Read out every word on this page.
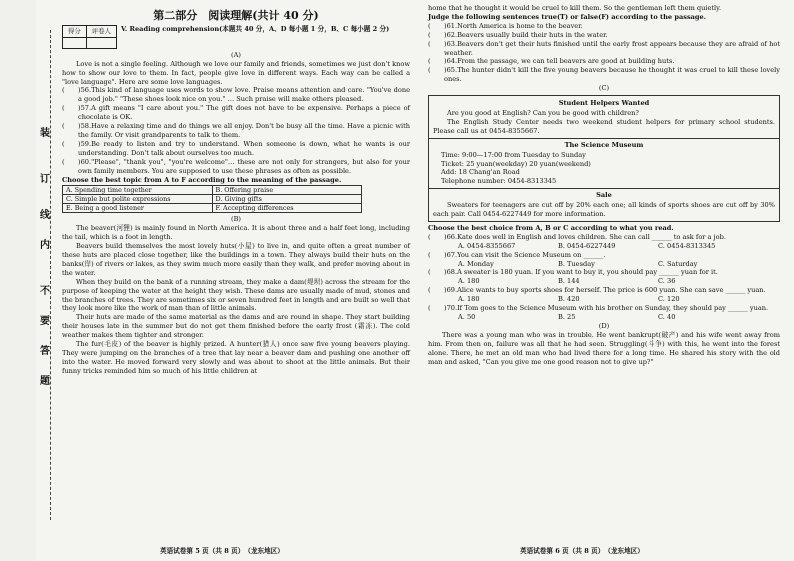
装
订
线
内
不
要
答
题
第二部分　阅读理解(共计 40 分)
得分	评卷人
	V. Reading comprehension(本题共 40 分，A、D 每小题 1 分，B、C 每小题 2 分)
(A)

Love is not a single feeling. Although we love our family and friends, sometimes we just don't know how to show our love to them. In fact, people give love in different ways. Each way can be called a "love language". Here are some love languages.

(	)56.This kind of language uses words to show love. Praise means attention and care. "You've done a good job." "These shoes look nice on you." … Such praise will make others pleased.
(	)57.A gift means "I care about you." The gift does not have to be expensive. Perhaps a piece of chocolate is OK.
(	)58.Have a relaxing time and do things we all enjoy. Don't be busy all the time. Have a picnic with the family. Or visit grandparents to talk to them.
(	)59.Be ready to listen and try to understand. When someone is down, what he wants is our understanding. Don't talk about ourselves too much.
(	)60."Please", "thank you", "you're welcome"… these are not only for strangers, but also for your own family members. You are supposed to use these phrases as often as possible.
Choose the best topic from A to F according to the meaning of the passage.
A. Spending time together	B. Offering praise
C. Simple but polite expressions	D. Giving gifts
E. Being a good listener	F. Accepting differences
(B)

The beaver(河狸) is mainly found in North America. It is about three and a half feet long, including the tail, which is a foot in length.

Beavers build themselves the most lovely huts(小屋) to live in, and quite often a great number of these huts are placed close together, like the buildings in a town. They always build their huts on the banks(岸) of rivers or lakes, as they swim much more easily than they walk, and prefer moving about in the water.

When they build on the bank of a running stream, they make a dam(堤坝) across the stream for the purpose of keeping the water at the height they wish. These dams are usually made of mud, stones and the branches of trees. They are sometimes six or seven hundred feet in length and are built so well that they look more like the work of man than of little animals.

Their huts are made of the same material as the dams and are round in shape. They start building their houses late in the summer but do not get them finished before the early frost (霜冻). The cold weather makes them tighter and stronger.

The fur(毛皮) of the beaver is highly prized. A hunter(猎人) once saw five young beavers playing. They were jumping on the branches of a tree that lay near a beaver dam and pushing one another off into the water. He moved forward very slowly and was about to shoot at the little animals. But their funny tricks reminded him so much of his little children at

英语试卷第 5 页（共 8 页）　（龙东地区）

home that he thought it would be cruel to kill them. So the gentleman left them quietly.

Judge the following sentences true(T) or false(F) according to the passage.
(	)61.North America is home to the beaver.
(	)62.Beavers usually build their huts in the water.
(	)63.Beavers don't get their huts finished until the early frost appears because they are afraid of hot weather.
(	)64.From the passage, we can tell beavers are good at building huts.
(	)65.The hunter didn't kill the five young beavers because he thought it was cruel to kill these lovely ones.
(C)
Student Helpers Wanted

Are you good at English? Can you be good with children?

The English Study Center needs two weekend student helpers for primary school students. Please call us at 0454-8355667.

The Science Museum
Time: 9:00—17:00 from Tuesday to Sunday
Ticket: 25 yuan(weekday) 20 yuan(weekend)
Add: 18 Chang'an Road
Telephone number: 0454-8313345
Sale

Sweaters for teenagers are cut off by 20% each one; all kinds of sports shoes are cut off by 30% each pair. Call 0454-6227449 for more information.

Choose the best choice from A, B or C according to what you read.
(	)66.Kate does well in English and loves children. She can call ______ to ask for a job.
A. 0454-8355667	B. 0454-6227449	C. 0454-8313345
(	)67.You can visit the Science Museum on ______.
A. Monday	B. Tuesday	C. Saturday
(	)68.A sweater is 180 yuan. If you want to buy it, you should pay ______ yuan for it.
A. 180	B. 144	C. 36
(	)69.Alice wants to buy sports shoes for herself. The price is 600 yuan. She can save ______ yuan.
A. 180	B. 420	C. 120
(	)70.If Tom goes to the Science Museum with his brother on Sunday, they should pay ______ yuan.
A. 50	B. 25	C. 40
(D)

There was a young man who was in trouble. He went bankrupt(破产) and his wife went away from him. From then on, failure was all that he had seen. Struggling(斗争) with this, he went into the forest alone. There, he met an old man who had lived there for a long time. He shared his story with the old man and asked, "Can you give me one good reason not to give up?"

英语试卷第 6 页（共 8 页）　（龙东地区）
